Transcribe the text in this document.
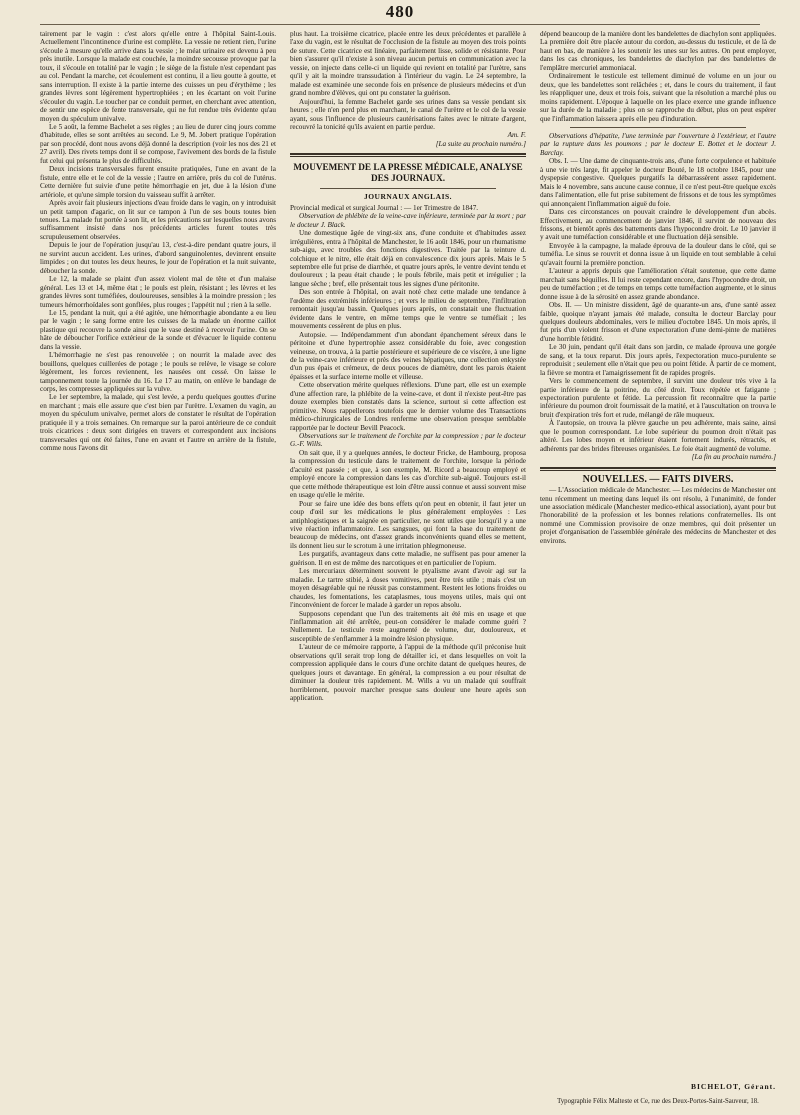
480

tairement par le vagin : c'est alors qu'elle entre à l'hôpital Saint-Louis. Actuellement l'incontinence d'urine est complète. La vessie ne retient rien, l'urine s'écoule à mesure qu'elle arrive dans la vessie ; le méat urinaire est devenu à peu près inutile. Lorsque la malade est couchée, la moindre secousse provoque par la toux, il s'écoule en totalité par le vagin ; le siège de la fistule n'est cependant pas au col. Pendant la marche, cet écoulement est continu, il a lieu goutte à goutte, et sans interruption. Il existe à la partie interne des cuisses un peu d'érythème ; les grandes lèvres sont légèrement hypertrophiées ; en les écartant on voit l'urine s'écouler du vagin. Le toucher par ce conduit permet, en cherchant avec attention, de sentir une espèce de fente transversale, qui ne fut rendue très évidente qu'au moyen du spéculum univalve.

Le 5 août, la femme Bachelet a ses règles ; au lieu de durer cinq jours comme d'habitude, elles se sont arrêtées au second. Le 9, M. Jobert pratique l'opération par son procédé, dont nous avons déjà donné la description (voir les nos des 21 et 27 avril). Des rivets temps dont il se compose, l'avivement des bords de la fistule fut celui qui présenta le plus de difficultés.

Deux incisions transversales furent ensuite pratiquées, l'une en avant de la fistule, entre elle et le col de la vessie ; l'autre en arrière, près du col de l'utérus. Cette dernière fut suivie d'une petite hémorrhagie en jet, due à la lésion d'une artériole, et qu'une simple torsion du vaisseau suffit à arrêter.

Après avoir fait plusieurs injections d'eau froide dans le vagin, on y introduisit un petit tampon d'agaric, on lit sur ce tampon à l'un de ses bouts toutes bien tenues. La malade fut portée à son lit, et les précautions sur lesquelles nous avons suffisamment insisté dans nos précédents articles furent toutes très scrupuleusement observées.

Depuis le jour de l'opération jusqu'au 13, c'est-à-dire pendant quatre jours, il ne survint aucun accident. Les urines, d'abord sanguinolentes, devinrent ensuite limpides ; on dut toutes les deux heures, le jour de l'opération et la nuit suivante, déboucher la sonde.

Le 12, la malade se plaint d'un assez violent mal de tête et d'un malaise général. Les 13 et 14, même état ; le pouls est plein, résistant ; les lèvres et les grandes lèvres sont tuméfiées, douloureuses, sensibles à la moindre pression ; les tumeurs hémorrhoïdales sont gonflées, plus rouges ; l'appétit nul ; rien à la selle.

Le 15, pendant la nuit, qui a été agitée, une hémorrhagie abondante a eu lieu par le vagin ; le sang forme entre les cuisses de la malade un énorme caillot plastique qui recouvre la sonde ainsi que le vase destiné à recevoir l'urine. On se hâte de déboucher l'orifice extérieur de la sonde et d'évacuer le liquide contenu dans la vessie.

L'hémorrhagie ne s'est pas renouvelée ; on nourrit la malade avec des bouillons, quelques cuillerées de potage ; le pouls se relève, le visage se colore légèrement, les forces reviennent, les nausées ont cessé. On laisse le tamponnement toute la journée du 16. Le 17 au matin, on enlève le bandage de corps, les compresses appliquées sur la vulve.

Le 1er septembre, la malade, qui s'est levée, a perdu quelques gouttes d'urine en marchant ; mais elle assure que c'est bien par l'urètre. L'examen du vagin, au moyen du spéculum univalve, permet alors de constater le résultat de l'opération pratiquée il y a trois semaines. On remarque sur la paroi antérieure de ce conduit trois cicatrices : deux sont dirigées en travers et correspondent aux incisions transversales qui ont été faites, l'une en avant et l'autre en arrière de la fistule, comme nous l'avons dit

plus haut. La troisième cicatrice, placée entre les deux précédentes et parallèle à l'axe du vagin, est le résultat de l'occlusion de la fistule au moyen des trois points de suture. Cette cicatrice est linéaire, parfaitement lisse, solide et résistante. Pour bien s'assurer qu'il n'existe à son niveau aucun pertuis en communication avec la vessie, on injecte dans celle-ci un liquide qui revient en totalité par l'urètre, sans qu'il y ait la moindre transsudation à l'intérieur du vagin. Le 24 septembre, la malade est examinée une seconde fois en présence de plusieurs médecins et d'un grand nombre d'élèves, qui ont pu constater la guérison.

Aujourd'hui, la femme Bachelet garde ses urines dans sa vessie pendant six heures ; elle n'en perd plus en marchant, le canal de l'urètre et le col de la vessie ayant, sous l'influence de plusieurs cautérisations faites avec le nitrate d'argent, recouvré la tonicité qu'ils avaient en partie perdue.

Am. F.
[La suite au prochain numéro.]
MOUVEMENT DE LA PRESSE MÉDICALE, ANALYSE DES JOURNAUX.
JOURNAUX ANGLAIS.

Provincial medical et surgical Journal : — 1er Trimestre de 1847.

Observation de phlébite de la veine-cave inférieure, terminée par la mort ; par le docteur J. Black.

Une domestique âgée de vingt-six ans, d'une conduite et d'habitudes assez irrégulières, entra à l'hôpital de Manchester, le 16 août 1846, pour un rhumatisme sub-aigu, avec troubles des fonctions digestives. Traitée par la teinture d. colchique et le nitre, elle était déjà en convalescence dix jours après. Mais le 5 septembre elle fut prise de diarrhée, et quatre jours après, le ventre devint tendu et douloureux ; la peau était chaude ; le pouls fébrile, mais petit et irrégulier ; la langue sèche ; bref, elle présentait tous les signes d'une péritonite.

Des son entrée à l'hôpital, on avait noté chez cette malade une tendance à l'œdème des extrémités inférieures ; et vers le milieu de septembre, l'infiltration remontait jusqu'au bassin. Quelques jours après, on constatait une fluctuation évidente dans le ventre, en même temps que le ventre se tuméfiait ; les mouvements cessèrent de plus en plus.

Autopsie. — Indépendamment d'un abondant épanchement séreux dans le péritoine et d'une hypertrophie assez considérable du foie, avec congestion veineuse, on trouva, à la partie postérieure et supérieure de ce viscère, à une ligne de la veine-cave inférieure et près des veines hépatiques, une collection enkystée d'un pus épais et crémeux, de deux pouces de diamètre, dont les parois étaient épaisses et la surface interne molle et villeuse.

Cette observation mérite quelques réflexions. D'une part, elle est un exemple d'une affection rare, la phlébite de la veine-cave, et dont il n'existe peut-être pas douze exemples bien constatés dans la science, surtout si cette affection est primitive. Nous rappellerons toutefois que le dernier volume des Transactions médico-chirurgicales de Londres renferme une observation presque semblable rapportée par le docteur Bevill Peacock.

Observations sur le traitement de l'orchite par la compression ; par le docteur G.-F. Wills.

On sait que, il y a quelques années, le docteur Fricke, de Hambourg, proposa la compression du testicule dans le traitement de l'orchite, lorsque la période d'acuité est passée ; et que, à son exemple, M. Ricord a beaucoup employé et employé encore la compression dans les cas d'orchite sub-aiguë. Toujours est-il que cette méthode thérapeutique est loin d'être aussi connue et aussi souvent mise en usage qu'elle le mérite.

Pour se faire une idée des bons effets qu'on peut en obtenir, il faut jeter un coup d'œil sur les médications le plus généralement employées : Les antiphlogistiques et la saignée en particulier, ne sont utiles que lorsqu'il y a une vive réaction inflammatoire. Les sangsues, qui font la base du traitement de beaucoup de médecins, ont d'assez grands inconvénients quand elles se mettent, ils donnent lieu sur le scrotum à une irritation phlegmoneuse.

Les purgatifs, avantageux dans cette maladie, ne suffisent pas pour amener la guérison. Il en est de même des narcotiques et en particulier de l'opium.

Les mercuriaux déterminent souvent le ptyalisme avant d'avoir agi sur la maladie. Le tartre stibié, à doses vomitives, peut être très utile ; mais c'est un moyen désagréable qui ne réussit pas constamment. Restent les lotions froides ou chaudes, les fomentations, les cataplasmes, tous moyens utiles, mais qui ont l'inconvénient de forcer le malade à garder un repos absolu.

Supposons cependant que l'un des traitements ait été mis en usage et que l'inflammation ait été arrêtée, peut-on considérer le malade comme guéri ? Nullement. Le testicule reste augmenté de volume, dur, douloureux, et susceptible de s'enflammer à la moindre lésion physique.

L'auteur de ce mémoire rapporte, à l'appui de la méthode qu'il préconise huit observations qu'il serait trop long de détailler ici, et dans lesquelles on voit la compression appliquée dans le cours d'une orchite datant de quelques heures, de quelques jours et davantage. En général, la compression a eu pour résultat de diminuer la douleur très rapidement. M. Wills a vu un malade qui souffrait horriblement, pouvoir marcher presque sans douleur une heure après son application.

dépend beaucoup de la manière dont les bandelettes de diachylon sont appliquées. La première doit être placée autour du cordon, au-dessus du testicule, et de là de haut en bas, de manière à les soutenir les unes sur les autres. On peut employer, dans les cas chroniques, les bandelettes de diachylon par des bandelettes de l'emplâtre mercuriel ammoniacal.

Ordinairement le testicule est tellement diminué de volume en un jour ou deux, que les bandelettes sont relâchées ; et, dans le cours du traitement, il faut les réappliquer une, deux et trois fois, suivant que la résolution a marché plus ou moins rapidement. L'époque à laquelle on les place exerce une grande influence sur la durée de la maladie ; plus on se rapproche du début, plus on peut espérer que l'inflammation laissera après elle peu d'induration.

Observations d'hépatite, l'une terminée par l'ouverture à l'extérieur, et l'autre par la rupture dans les poumons ; par le docteur E. Bottet et le docteur J. Barclay.

Obs. I. — Une dame de cinquante-trois ans, d'une forte corpulence et habituée à une vie très large, fit appeler le docteur Bouté, le 18 octobre 1845, pour une dyspepsie congestive. Quelques purgatifs la débarrassèrent assez rapidement. Mais le 4 novembre, sans aucune cause connue, il ce n'est peut-être quelque excès dans l'alimentation, elle fut prise subitement de frissons et de tous les symptômes qui annonçaient l'inflammation aiguë du foie.

Dans ces circonstances on pouvait craindre le développement d'un abcès. Effectivement, au commencement de janvier 1846, il survint de nouveau des frissons, et bientôt après des battements dans l'hypocondre droit. Le 10 janvier il y avait une tuméfaction considérable et une fluctuation déjà sensible.

Envoyée à la campagne, la malade éprouva de la douleur dans le côté, qui se tuméfia. Le sinus se rouvrit et donna issue à un liquide en tout semblable à celui qu'avait fourni la première ponction.

L'auteur a appris depuis que l'amélioration s'était soutenue, que cette dame marchait sans béquilles. Il lui reste cependant encore, dans l'hypocondre droit, un peu de tuméfaction ; et de temps en temps cette tuméfaction augmente, et le sinus donne issue à de la sérosité en assez grande abondance.

Obs. II. — Un ministre dissident, âgé de quarante-un ans, d'une santé assez faible, quoique n'ayant jamais été malade, consulta le docteur Barclay pour quelques douleurs abdominales, vers le milieu d'octobre 1845. Un mois après, il fut pris d'un violent frisson et d'une expectoration d'une demi-pinte de matières d'une horrible fétidité.

Le 30 juin, pendant qu'il était dans son jardin, ce malade éprouva une gorgée de sang, et la toux reparut. Dix jours après, l'expectoration muco-purulente se reproduisit ; seulement elle n'était que peu ou point fétide. À partir de ce moment, la fièvre se montra et l'amaigrissement fit de rapides progrès.

Vers le commencement de septembre, il survint une douleur très vive à la partie inférieure de la poitrine, du côté droit. Toux répétée et fatigante ; expectoration purulente et fétide. La percussion fit reconnaître que la partie inférieure du poumon droit fournissait de la matité, et à l'auscultation on trouva le bruit d'expiration très fort et rude, mélangé de râle muqueux.

À l'autopsie, on trouva la plèvre gauche un peu adhérente, mais saine, ainsi que le poumon correspondant. Le lobe supérieur du poumon droit n'était pas altéré. Les lobes moyen et inférieur étaient fortement indurés, rétractés, et adhérents par des brides fibreuses organisées. Le foie était augmenté de volume.

[La fin au prochain numéro.]
NOUVELLES. — FAITS DIVERS.

— L'Association médicale de Manchester. — Les médecins de Manchester ont tenu récemment un meeting dans lequel ils ont résolu, à l'unanimité, de fonder une association médicale (Manchester medico-ethical association), ayant pour but l'honorabilité de la profession et les bonnes relations confraternelles. Ils ont nommé une Commission provisoire de onze membres, qui doit présenter un projet d'organisation de l'assemblée générale des médecins de Manchester et des environs.

BICHELOT, Gérant.
Typographie Félix Malteste et Ce, rue des Deux-Portes-Saint-Sauveur, 18.
